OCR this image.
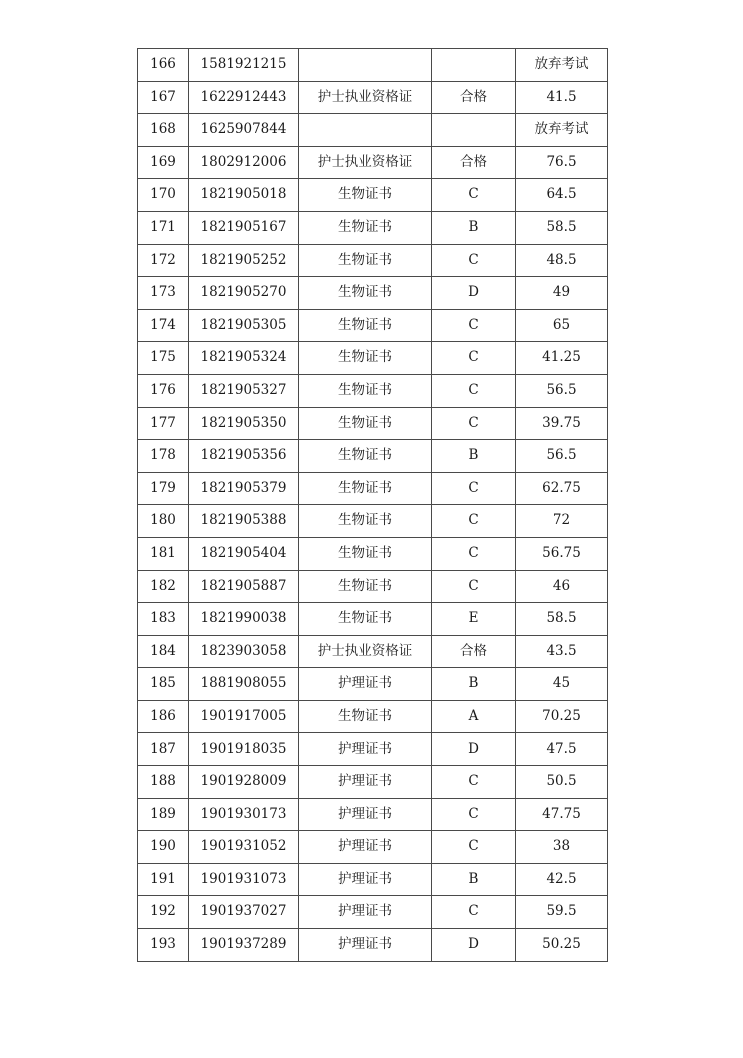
166	1581921215			放弃考试
167	1622912443	护士执业资格证	合格	41.5
168	1625907844			放弃考试
169	1802912006	护士执业资格证	合格	76.5
170	1821905018	生物证书	C	64.5
171	1821905167	生物证书	B	58.5
172	1821905252	生物证书	C	48.5
173	1821905270	生物证书	D	49
174	1821905305	生物证书	C	65
175	1821905324	生物证书	C	41.25
176	1821905327	生物证书	C	56.5
177	1821905350	生物证书	C	39.75
178	1821905356	生物证书	B	56.5
179	1821905379	生物证书	C	62.75
180	1821905388	生物证书	C	72
181	1821905404	生物证书	C	56.75
182	1821905887	生物证书	C	46
183	1821990038	生物证书	E	58.5
184	1823903058	护士执业资格证	合格	43.5
185	1881908055	护理证书	B	45
186	1901917005	生物证书	A	70.25
187	1901918035	护理证书	D	47.5
188	1901928009	护理证书	C	50.5
189	1901930173	护理证书	C	47.75
190	1901931052	护理证书	C	38
191	1901931073	护理证书	B	42.5
192	1901937027	护理证书	C	59.5
193	1901937289	护理证书	D	50.25
